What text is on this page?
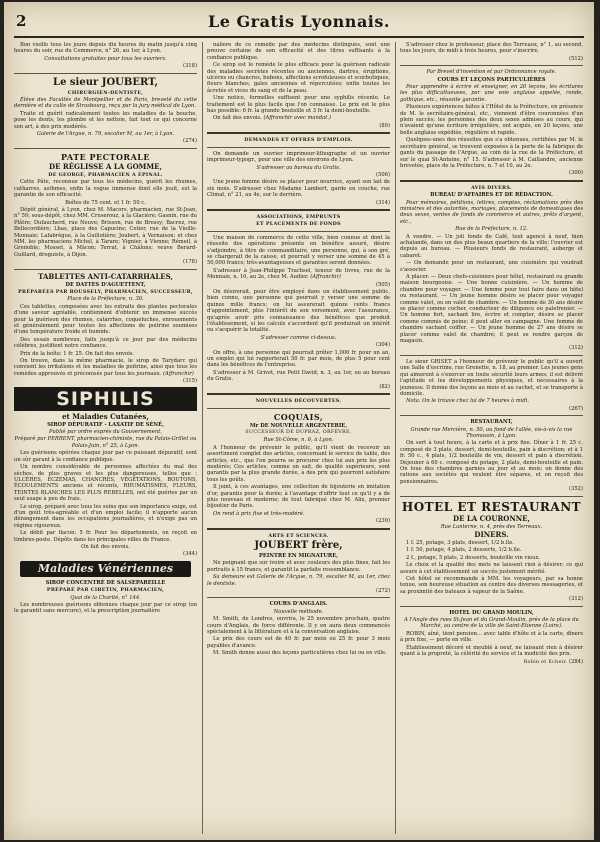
2	Le Gratis Lyonnais.

Bon vieille tous les jours depuis dix heures du matin jusqu'à cinq heures du soir, rue du Commerce, n° 26, au 1er, à Lyon.

Consultations gratuites pour tous les ouvriers.

(318)

Le sieur JOUBERT,

CHIRURGIEN-DENTISTE,

Élève des Facultés de Montpellier et de Paris, breveté du cette dernière et du culte de Strasbourg, reçu par la jury médical de Lyon.

Traite et guérit radicalement toutes les maladies de la bouche, pose les dents, les plombe et les nettoie, fait tout ce qui concerne son art, à des prix modérés.

Galerie de l'Argue, n. 79, escalier M, au 1er, à Lyon.

(274)

PATE PECTORALE

DE RÉGLISSE A LA GOMME,

DE GEORGÉ, PHARMACIEN A ÉPINAL.

Cette Pâte, reconnue par tous les médecins, guérit les rhumes, catharres, asthmes, enfin la vogue immense dont elle jouit, est la garantie de son efficacité.

Boîtes de 75 cent. et 1 fr. 50 c.

Dépôt général, à Lyon, chez M. Macors, pharmacien, rue St-Jean, n° 59; sous-dépôt, chez MM. Cruserouz, à la Glacière; Gasnin, rue du Plâtre; Dufaucherd, rue Neuve; Brisson, rue de Bressy; Bacrez, rue Bellecordière; Lhas, place des Capucins; Cotier, rue de la Vieille-Monnaie; Lafabrègue, à la Guillotière; Joubert, à Vernaison; et chez MM. les pharmaciens Michel, à Tarare; Vignier, à Vienne; Rémeil, à Grenoble; Mosset, à Mâcon; Terrat, à Châlons; veuve Berard-Guillard, droguiste, à Dijon.

(178)

TABLETTES ANTI-CATARRHALES,

DE DATTES D'AGUETTENT,

PRÉPARÉES PAR ROUSSELY, PHARMACIEN, SUCCESSEUR,

Place de la Préfecture, n. 30.

Ces tablettes, composées avec les extraits des plantes pectorales d'une saveur agréable, contiennent d'obtenir un immense succès pour la guérison des rhumes, catarrhes, coqueluches, enrouements et généralement pour toutes les affections de poitrine soumises d'une température froide et humide.

Des essais nombreux, faits jusqu'à ce jour par des médecins célèbres, justifient notre confiance.

Prix de la boîte: 1 fr. 25. On fait des envois.

On trouve, dans la même pharmacie, le sirop de Tarydarc qui convient les irritations et les maladies de poitrine, ainsi que tous les remèdes approuvés et préconisés par tous les journaux. (Affranchir)

(315)

SIPHILIS

et Maladies Cutanées,

SIROP DÉPURATIF - LAXATIF DE SÉNÉ,

Publié par ordre exprès du Gouvernement,

Préparé par PERRENT, pharmacien-chimiste, rue du Palais-Grillet ou Palais-Juin, n° 25, à Lyon.

Les guérisons opérées chaque jour par ce puissant dépuratif, sont un sûr garant à la confiance publique.

Un nombre considérable de personnes affectées du mal des sèches, de plus graves et les plus dangereuses, telles que : ULCÈRES, ÉCZÉMAS, CHANCRES, VÉGÉTATIONS, BOUTONS, ÉCOULEMENTS anciens et récents, RHUMATISMES, FLEURS, TEINTES BLANCHES LES PLUS REBELLES, ont été guéries par un seul usage à peu de frais.

Le sirop, préparé avec tous les soins que son importance exige, est d'un goût très-agréable et d'un emploi facile; il n'apporte aucun dérangement dans les occupations journalières, et n'exige pas un régime rigoureux.

Le débit par flacon: 5 fr. Pour les départements, on reçoit en timbres-poste. Dépôts dans les principales villes de France.

On fait des envois.

(344)

Maladies Vénériennes

SIROP CONCENTRÉ DE SALSEPAREILLE

PRÉPARÉ PAR CIBETIN, PHARMACIEN,

Quai de la Charité, n° 144.

Les nombreuses guérisons obtenues chaque jour par ce sirop (on le garantit sans mercure), et la prescription journalière

naliere de ce remède par des médecins distingués, sont une preuve certaine de son efficacité et des titres suffisants à la confiance publique.

Ce sirop est le remède le plus efficace pour la guérison radicale des maladies secrètes récentes ou anciennes, dartres, éruptions, ulcères ou chancres, bubons, affections scrofuleuses et scorbutiques, fleurs blanches, gales anciennes et répercutées; enfin toutes les âcretés et vices du sang et de la peau.

Une notice, formelles suffisent pour une syphilis récente. Le traitement est le plus facile que l'on connaisse. Le prix est le plus bas possible: 6 fr. la grande bouteille et 3 fr. la demi-bouteille.

On fait des envois. (Affranchir avec mandat.)

(89)

DEMANDES ET OFFRES D'EMPLOIS.

On demande un ouvrier imprimeur-lithographe et un ouvrier imprimeur-typogr., pour une ville des environs de Lyon.

S'adresser au bureau du Gratis.

(506)

Une jeune femme désire se placer pour nourrice, ayant son lait de six mois. S'adresser chez Madame Lambert, garde en couche, rue Climat, n° 21, au 4e, sur le derrière.

(314)

ASSOCIATIONS, EMPRUNTS

ET PLACEMENTS DE FONDS

Une maison de commerce de cette ville, bien connue et dont la réussite des opérations présente un bénéfice assuré, désire s'adjoindre, à titre de commanditaire, une personne, qui, à son gré, se chargerait de la caisse, et pourrait y verser une somme de 45 à 50,000 francs; très-avantageuses et garanties seront données.

S'adresser à Jean-Philippe Trachsel, teneur de livres, rue de la Monnaie, n. 10, au 2e, chez M. Audier. (Affranchir)

(505)

On désirerait, pour être employé dans un établissement public, bien connu, une personne qui pourrait y verser une somme de quinze mille francs; on lui assurerait quinze cents francs d'appointement, plus l'intérêt de son versement, avec l'assurance, qu'après avoir pris connaissance des bénéfices que produit l'établissement, si les calculs s'accordent qu'il produirait un intérêt ou s'acquérir la totalité.

S'adresser comme ci-dessus.

(304)

On offre, à une personne qui pourrait prêter 1,000 fr. pour un an, un emploi qui lui rapporterait 50 fr. par mois, de plus 5 pour cent dans les bénéfices de l'entreprise.

S'adresser à M. Grivet, rue Petit David, n. 3, au 1er, ou au bureau du Gratis.

(82)

NOUVELLES DÉCOUVERTES.

COQUAIS,

Mr DE NOUVELLE ARGENTERIE,

SUCCESSEUR DE DUPRAZ, ORFÈVRE,

Rue St-Côme, n. 6, à Lyon.

A l'honneur de prévenir le public, qu'il vient de recevoir un assortiment complet des articles, concernant le service de table, des articles, etc., que l'on pourra se procurer chez lui aux prix les plus modérés; Ces articles, comme on sait, de qualité supérieure, sont garantis par la plus grande durée, à des prix qui pourront satisfaire tous les goûts.

Il joint, à ces avantages, une collection de bijouterie en imitation d'or, garantis pour la durée; à l'avantage d'offrir tout ce qu'il y a de plus nouveau et moderne; de tout fabriqué chez M. Alix, premier bijoutier de Paris.

On rend à prix fixe et très-modéré.

(239)

ARTS ET SCIENCES.

JOUBERT frère,

PEINTRE EN MIGNATURE,

Ne peignant que sur ivoire et avec couleurs des plus fines, fait les portraits à 15 francs, et garantit la parfaite ressemblance.

Sa demeure est Galerie de l'Argue, n. 79, escalier M, au 1er, chez le dentiste.

(272)

COURS D'ANGLAIS.

Nouvelle méthode.

M. Smith, de Londres, ouvrira, le 25 novembre prochain, quatre cours d'Anglais, de force différente. Il y en aura deux commencés spécialement à la littérature et à la conversation anglaise.

Le prix des cours est de 40 fr. par mois ou 25 fr. pour 3 mois payables d'avance.

M. Smith donne aussi des leçons particulières chez lui ou en ville.

S'adresser chez le professeur, place des Terreaux, n° 1, au second, tous les jours, de midi à trois heures, pour s'inscrire.

(512)

Par Brevet d'invention et par Ordonnance royale.

COURS ET LEÇONS PARTICULIÈRES

Pour apprendre à écrire et enseigner, en 20 leçons, les écritures les plus difficultueuses, par une voie anglaise appelée, ronde, gothique, etc., réussite garantie.

Plusieurs expériences faites à l'Hôtel de la Préfecture, en présence de M. le secrétaire-général, etc., viennent d'être couronnées d'un plein succès; les personnes des deux sexes admises au cours, qui n'avaient qu'une écriture irrégulière, ont acquis, en 20 leçons, une belle anglaise expédiée, régulière et rapide.

Quelques-unes des réussites que s'a obtenues, certifiées par M. le secrétaire général, se trouvent exposées à la porte de la fabrique de gants du passage de l'Argue, au coin de la rue de la Préfecture, et sur le quai St-Antoine, n° 15. S'adresser à M. Caillandre, ancienne brevetée, place de la Préfecture, n. 7 et 10, au 2e.

(300)

AVIS DIVERS.

BUREAU D'AFFAIRES ET DE RÉDACTION.

Pour mémoires, pétitions, lettres, comptes, réclamations près des ministres et des autorités, mariages, placements de domestiques des deux sexes, ventes de fonds de commerce et autres, prêts d'argent, etc.,

Rue de la Préfecture, n. 12.

A vendre. — Un joli fonds de Café, tout agencé à neuf, bien achalandé, dans un des plus beaux quartiers de la ville; l'ouvrier est depuis au bureau. — Plusieurs fonds de restaurant, auberge et cabaret.

— On demande pour un restaurant, une cuisinière qui voudrait s'associer.

A placer. — Deux chefs-cuisiniers pour hôtel, restaurant ou grande maison bourgeoise. — Une bonne cuisinière. — Un homme de chambre pour voyager. — Une femme pour tout faire dans un hôtel ou restaurant. — Un jeune homme désire se placer pour voyager comme valet, ou en valet de chambre. — Un homme de 30 ans désire se placer comme cocher, conducteur de diligence ou palefrenier. — Un homme fort, sachant lire, écrire et compter, désire se placer comme commis de peine; il peut aller en campagne. Une femme de chambre sachant coiffer. — Un jeune homme de 27 ans désire se placer comme valet de chambre; il peut se rendre garçon de magasin.

(312)

Le sieur GRISET a l'honneur de prévenir le public qu'il a ouvert une Salle d'escrime, rue Grenette, n. 18, au premier. Les jeunes gens qui aimeront à s'exercer en toute sécurité leurs armes; il est délivré l'aptitude et les développements physiques, et nécessaires à la jeunesse. Il donne des leçons au mois et au cachet, et se transporte à domicile.

Nota. On le trouve chez lui de 7 heures à midi.

(267)

RESTAURANT,

Grande rue Mercière, n. 50, au fond de l'allée, vis-à-vis la rue Thomassin, à Lyon.

On sert à tout heure, à la carte et à prix fixe. Dîner à 1 fr. 25 c. composé de 3 plats, dessert, demi-bouteille, pain à discrétion; et à 1 fr. 50 c., 4 plats, 1/2 bouteille de vin, dessert et pain à discrétion. Déjeuner à 60 c. composé du potage, 2 plats, demi-bouteille et pain. On loue des chambres garnies au jour et au mois; on donne des rations aux sociétés qui veulent être sépares, et on reçoit des pensionnaires.

(352)

HOTEL ET RESTAURANT

DE LA COURONNE,

Rue Lanterne, n. 4, près des Terreaux.

DINERS.

1 f. 25, potage, 3 plats, dessert, 1/2 b.lle.

1 f. 50, potage, 4 plats, 2 desserts, 1/2 b.lle.

2 f., potage, 5 plats, 2 desserts, bouteille vin vieux.

Le choix et la qualité des mets ne laissent rien à désirer; ce qui assure à cet établissement un succès justement mérité.

Cet hôtel se recommande à MM. les voyageurs, par sa bonne tenue, son heureuse situation au centre des diverses messageries, et sa proximité des bateaux à vapeur de la Saône.

(312)

HOTEL DU GRAND MOULIN,

A l'Angle des rues St-Jean et du Grand-Moulin, près de la place du Marché, au centre de la ville de Saint-Étienne (Loire).

ROBIN, aîné, tient pension... avec table d'hôte et à la carte, dîners à prix fixe, — porte en ville.

Établissement décoré et meublé à neuf, ne laissant rien à désirer quant à la propreté, la célérité du service et la modicité des prix.

Robin et Echeir. (284)
